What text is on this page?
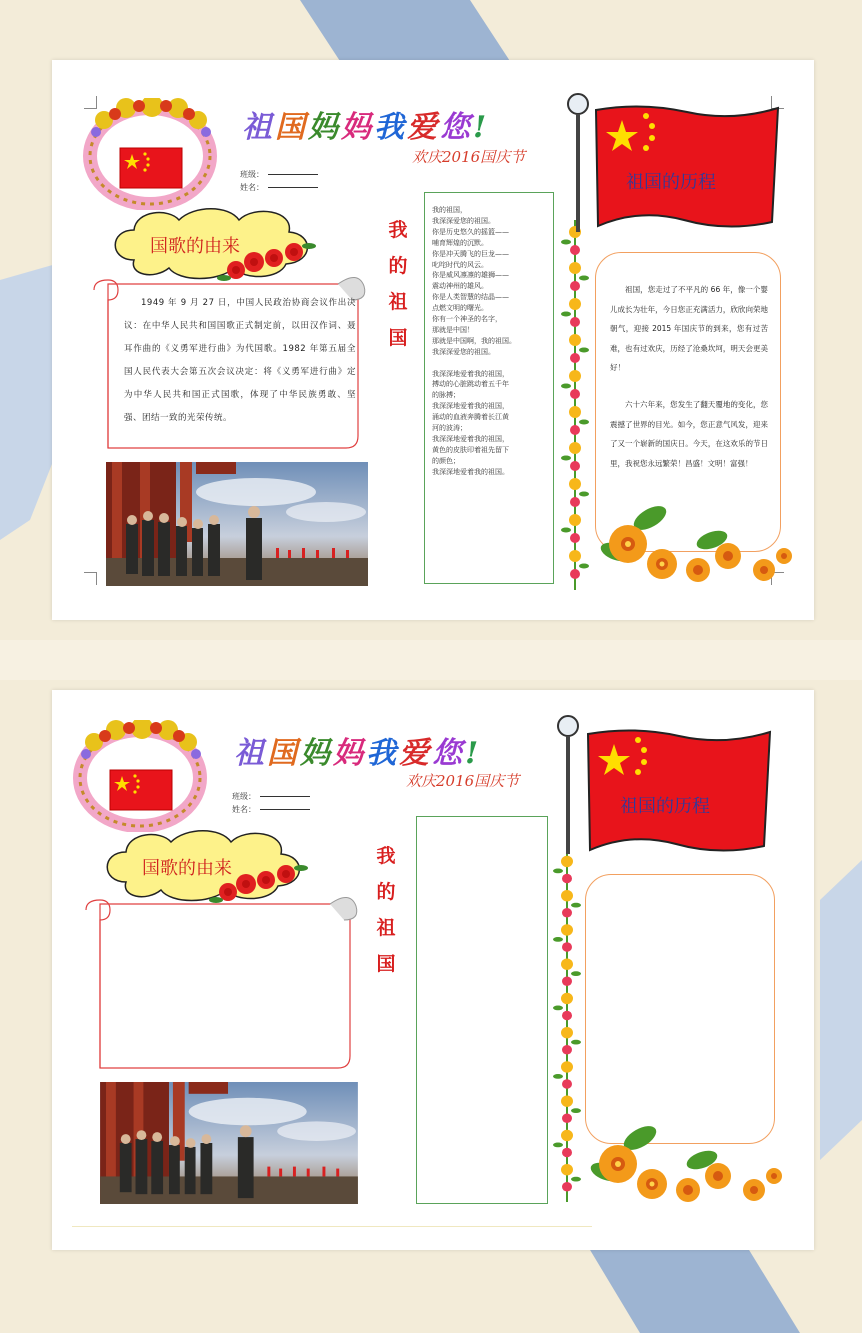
祖国妈妈我爱您!
欢庆2016国庆节
班级：
姓名：
国歌的由来
1949 年 9 月 27 日，中国人民政治协商会议作出决议：在中华人民共和国国歌正式制定前，以田汉作词、聂耳作曲的《义勇军进行曲》为代国歌。1982 年第五届全国人民代表大会第五次会议决定：将《义勇军进行曲》定为中华人民共和国正式国歌，体现了中华民族勇敢、坚强、团结一致的光荣传统。
我
的
祖
国
我的祖国，
我深深爱您的祖国。
你是历史悠久的摇篮——
哺育辉煌的沉默。
你是冲天腾飞的巨龙——
叱咤时代的风云。
你是威风凛凛的雄狮——
震动神州的雄风。
你是人类智慧的结晶——
点燃文明的曙光。
你有一个神圣的名字，
那就是中国！
那就是中国啊，我的祖国。
我深深爱您的祖国。
我深深地爱着我的祖国，
搏动的心脏跳动着五千年
的脉搏；
我深深地爱着我的祖国，
涌动的血液奔腾着长江黄
河的波涛；
我深深地爱着我的祖国，
黄色的皮肤印着祖先留下
的颜色；
我深深地爱着我的祖国。
祖国的历程
祖国，您走过了不平凡的 66 年，像一个婴儿成长为壮年，今日您正充满活力，欣欣向荣地朝气，迎接 2015 年国庆节的到来，您有过苦难，也有过欢庆，历经了沧桑坎坷，明天会更美好！
六十六年来，您发生了翻天覆地的变化，您震撼了世界的目光。如今，您正意气风发，迎来了又一个崭新的国庆日。今天，在这欢乐的节日里，我祝您永远繁荣！昌盛！文明！富强！
祖国妈妈我爱您!
欢庆2016国庆节
班级：
姓名：
国歌的由来
我
的
祖
国
祖国的历程
